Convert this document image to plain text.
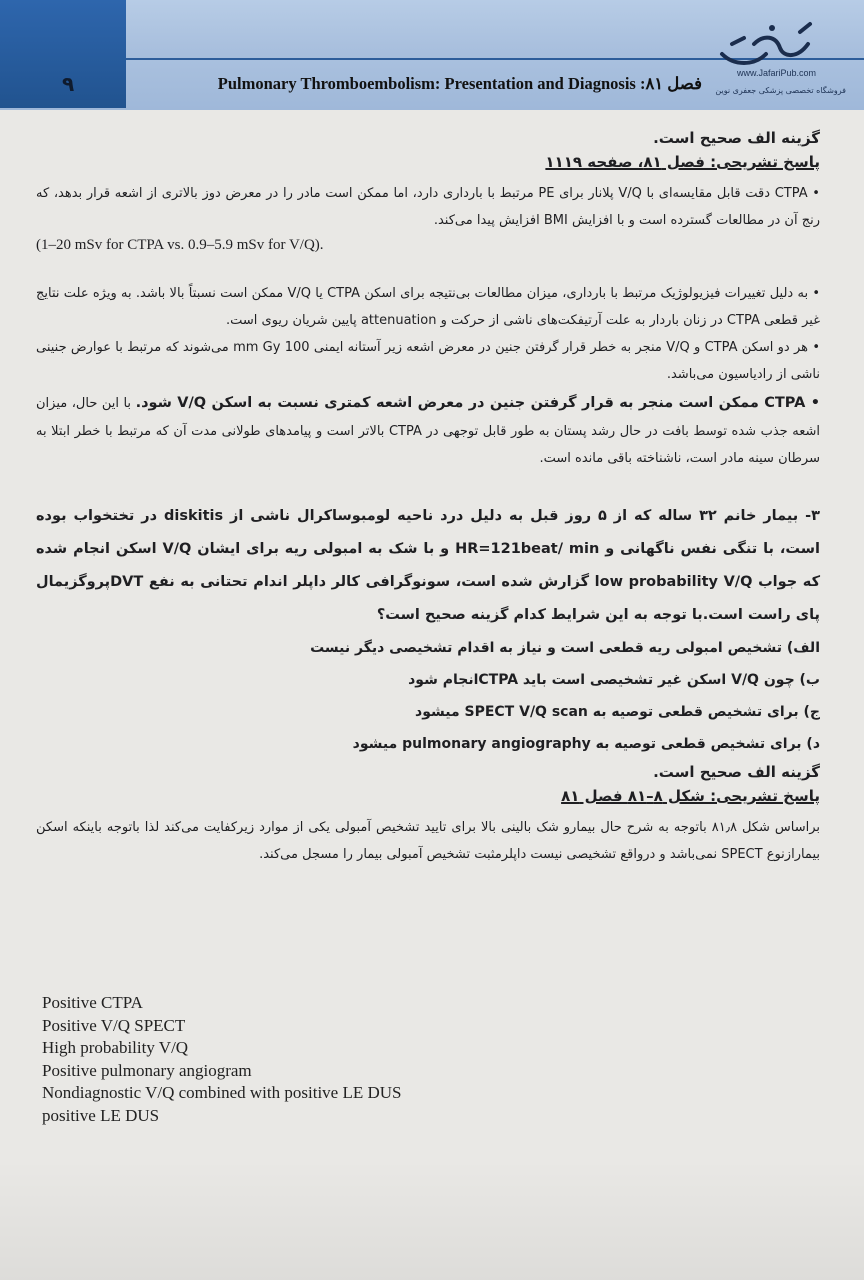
۹	Pulmonary Thromboembolism: Presentation and Diagnosis :۸۱ فصل
www.JafariPub.com
فروشگاه تخصصی پزشکی جعفری نوین

گزینه الف صحیح است.

پاسخ تشریحی: فصل ۸۱، صفحه ۱۱۱۹

• CTPA دقت قابل مقایسه‌ای با V/Q پلانار برای PE مرتبط با بارداری دارد، اما ممکن است مادر را در معرض دوز بالاتری از اشعه قرار بدهد، که رنج آن در مطالعات گسترده است و با افزایش BMI افزایش پیدا می‌کند.

(1–20 mSv for CTPA vs. 0.9–5.9 mSv for V/Q).

• به دلیل تغییرات فیزیولوژیک مرتبط با بارداری، میزان مطالعات بی‌نتیجه برای اسکن CTPA یا V/Q ممکن است نسبتاً بالا باشد. به ویژه علت نتایج غیر قطعی CTPA در زنان باردار به علت آرتیفکت‌های ناشی از حرکت و attenuation پایین شریان ریوی است.

• هر دو اسکن CTPA و V/Q منجر به خطر قرار گرفتن جنین در معرض اشعه زیر آستانه ایمنی 100 mm Gy می‌شوند که مرتبط با عوارض جنینی ناشی از رادیاسیون می‌باشد.

• CTPA ممکن است منجر به قرار گرفتن جنین در معرض اشعه کمتری نسبت به اسکن V/Q شود. با این حال، میزان اشعه جذب شده توسط بافت در حال رشد پستان به طور قابل توجهی در CTPA بالاتر است و پیامدهای طولانی مدت آن که مرتبط با خطر ابتلا به سرطان سینه مادر است، ناشناخته باقی مانده است.

۳- بیمار خانم ۳۲ ساله که از ۵ روز قبل به دلیل درد ناحیه لومبوساکرال ناشی از diskitis در تختخواب بوده است، با تنگی نفس ناگهانی و HR=121beat/ min و با شک به امبولی ریه برای ایشان V/Q اسکن انجام شده که جواب low probability V/Q گزارش شده است، سونوگرافی کالر داپلر اندام تحتانی به نفع DVTپروگزیمال پای راست است.با توجه به این شرایط کدام گزینه صحیح است؟

الف) تشخیص امبولی ریه قطعی است و نیاز به اقدام تشخیصی دیگر نیست

ب) چون V/Q اسکن غیر تشخیصی است باید CTPAانجام شود

ج) برای تشخیص قطعی توصیه به SPECT V/Q scan میشود

د) برای تشخیص قطعی توصیه به pulmonary angiography میشود

گزینه الف صحیح است.

پاسخ تشریحی: شکل ۸–۸۱ فصل ۸۱

براساس شکل ۸۱٫۸ باتوجه به شرح حال بیمارو شک بالینی بالا برای تایید تشخیص آمبولی یکی از موارد زیرکفایت می‌کند لذا باتوجه باینکه اسکن بیمارازنوع SPECT نمی‌باشد و درواقع تشخیصی نیست داپلرمثبت تشخیص آمبولی بیمار را مسجل می‌کند.

Positive CTPA
Positive V/Q SPECT
High probability V/Q
Positive pulmonary angiogram
Nondiagnostic V/Q combined with positive LE DUS
positive LE DUS
